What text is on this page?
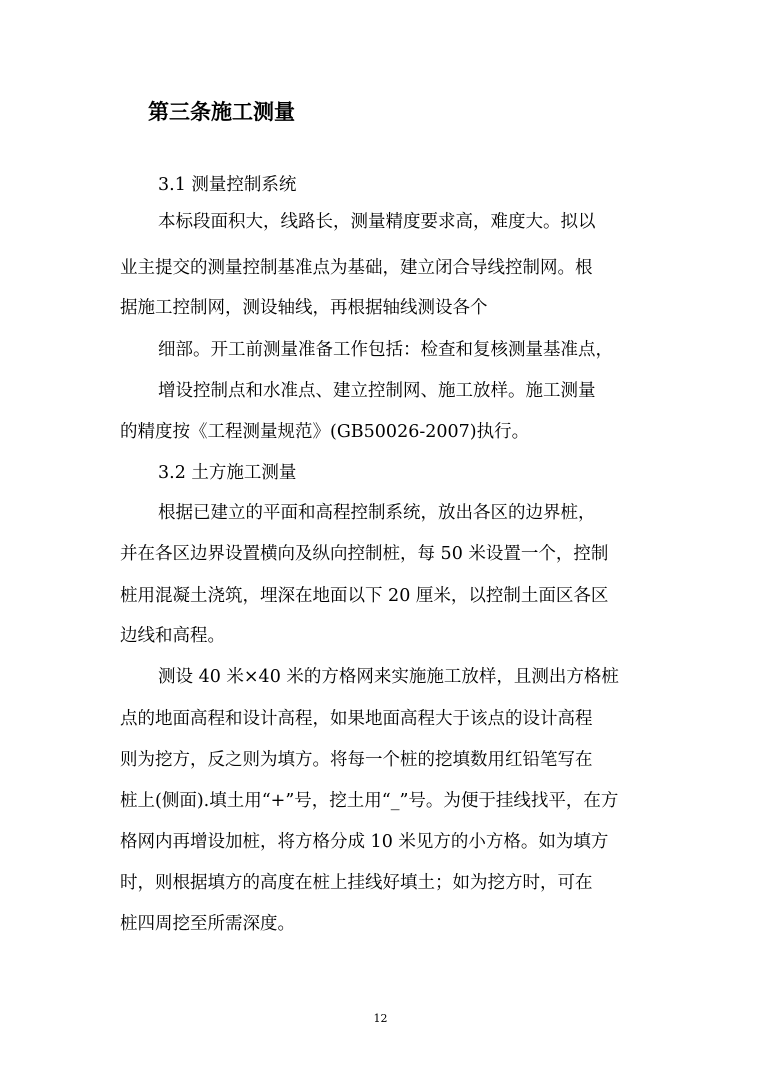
第三条施工测量
3.1 测量控制系统
本标段面积大，线路长，测量精度要求高，难度大。拟以
业主提交的测量控制基准点为基础，建立闭合导线控制网。根
据施工控制网，测设轴线，再根据轴线测设各个
细部。开工前测量准备工作包括：检查和复核测量基准点，
增设控制点和水准点、建立控制网、施工放样。施工测量
的精度按《工程测量规范》(GB50026-2007)执行。
3.2 土方施工测量
根据已建立的平面和高程控制系统，放出各区的边界桩，
并在各区边界设置横向及纵向控制桩，每 50 米设置一个，控制
桩用混凝土浇筑，埋深在地面以下 20 厘米，以控制土面区各区
边线和高程。
测设 40 米×40 米的方格网来实施施工放样，且测出方格桩
点的地面高程和设计高程，如果地面高程大于该点的设计高程
则为挖方，反之则为填方。将每一个桩的挖填数用红铅笔写在
桩上(侧面).填土用“+”号，挖土用“_”号。为便于挂线找平，在方
格网内再增设加桩，将方格分成 10 米见方的小方格。如为填方
时，则根据填方的高度在桩上挂线好填土；如为挖方时，可在
桩四周挖至所需深度。
12
